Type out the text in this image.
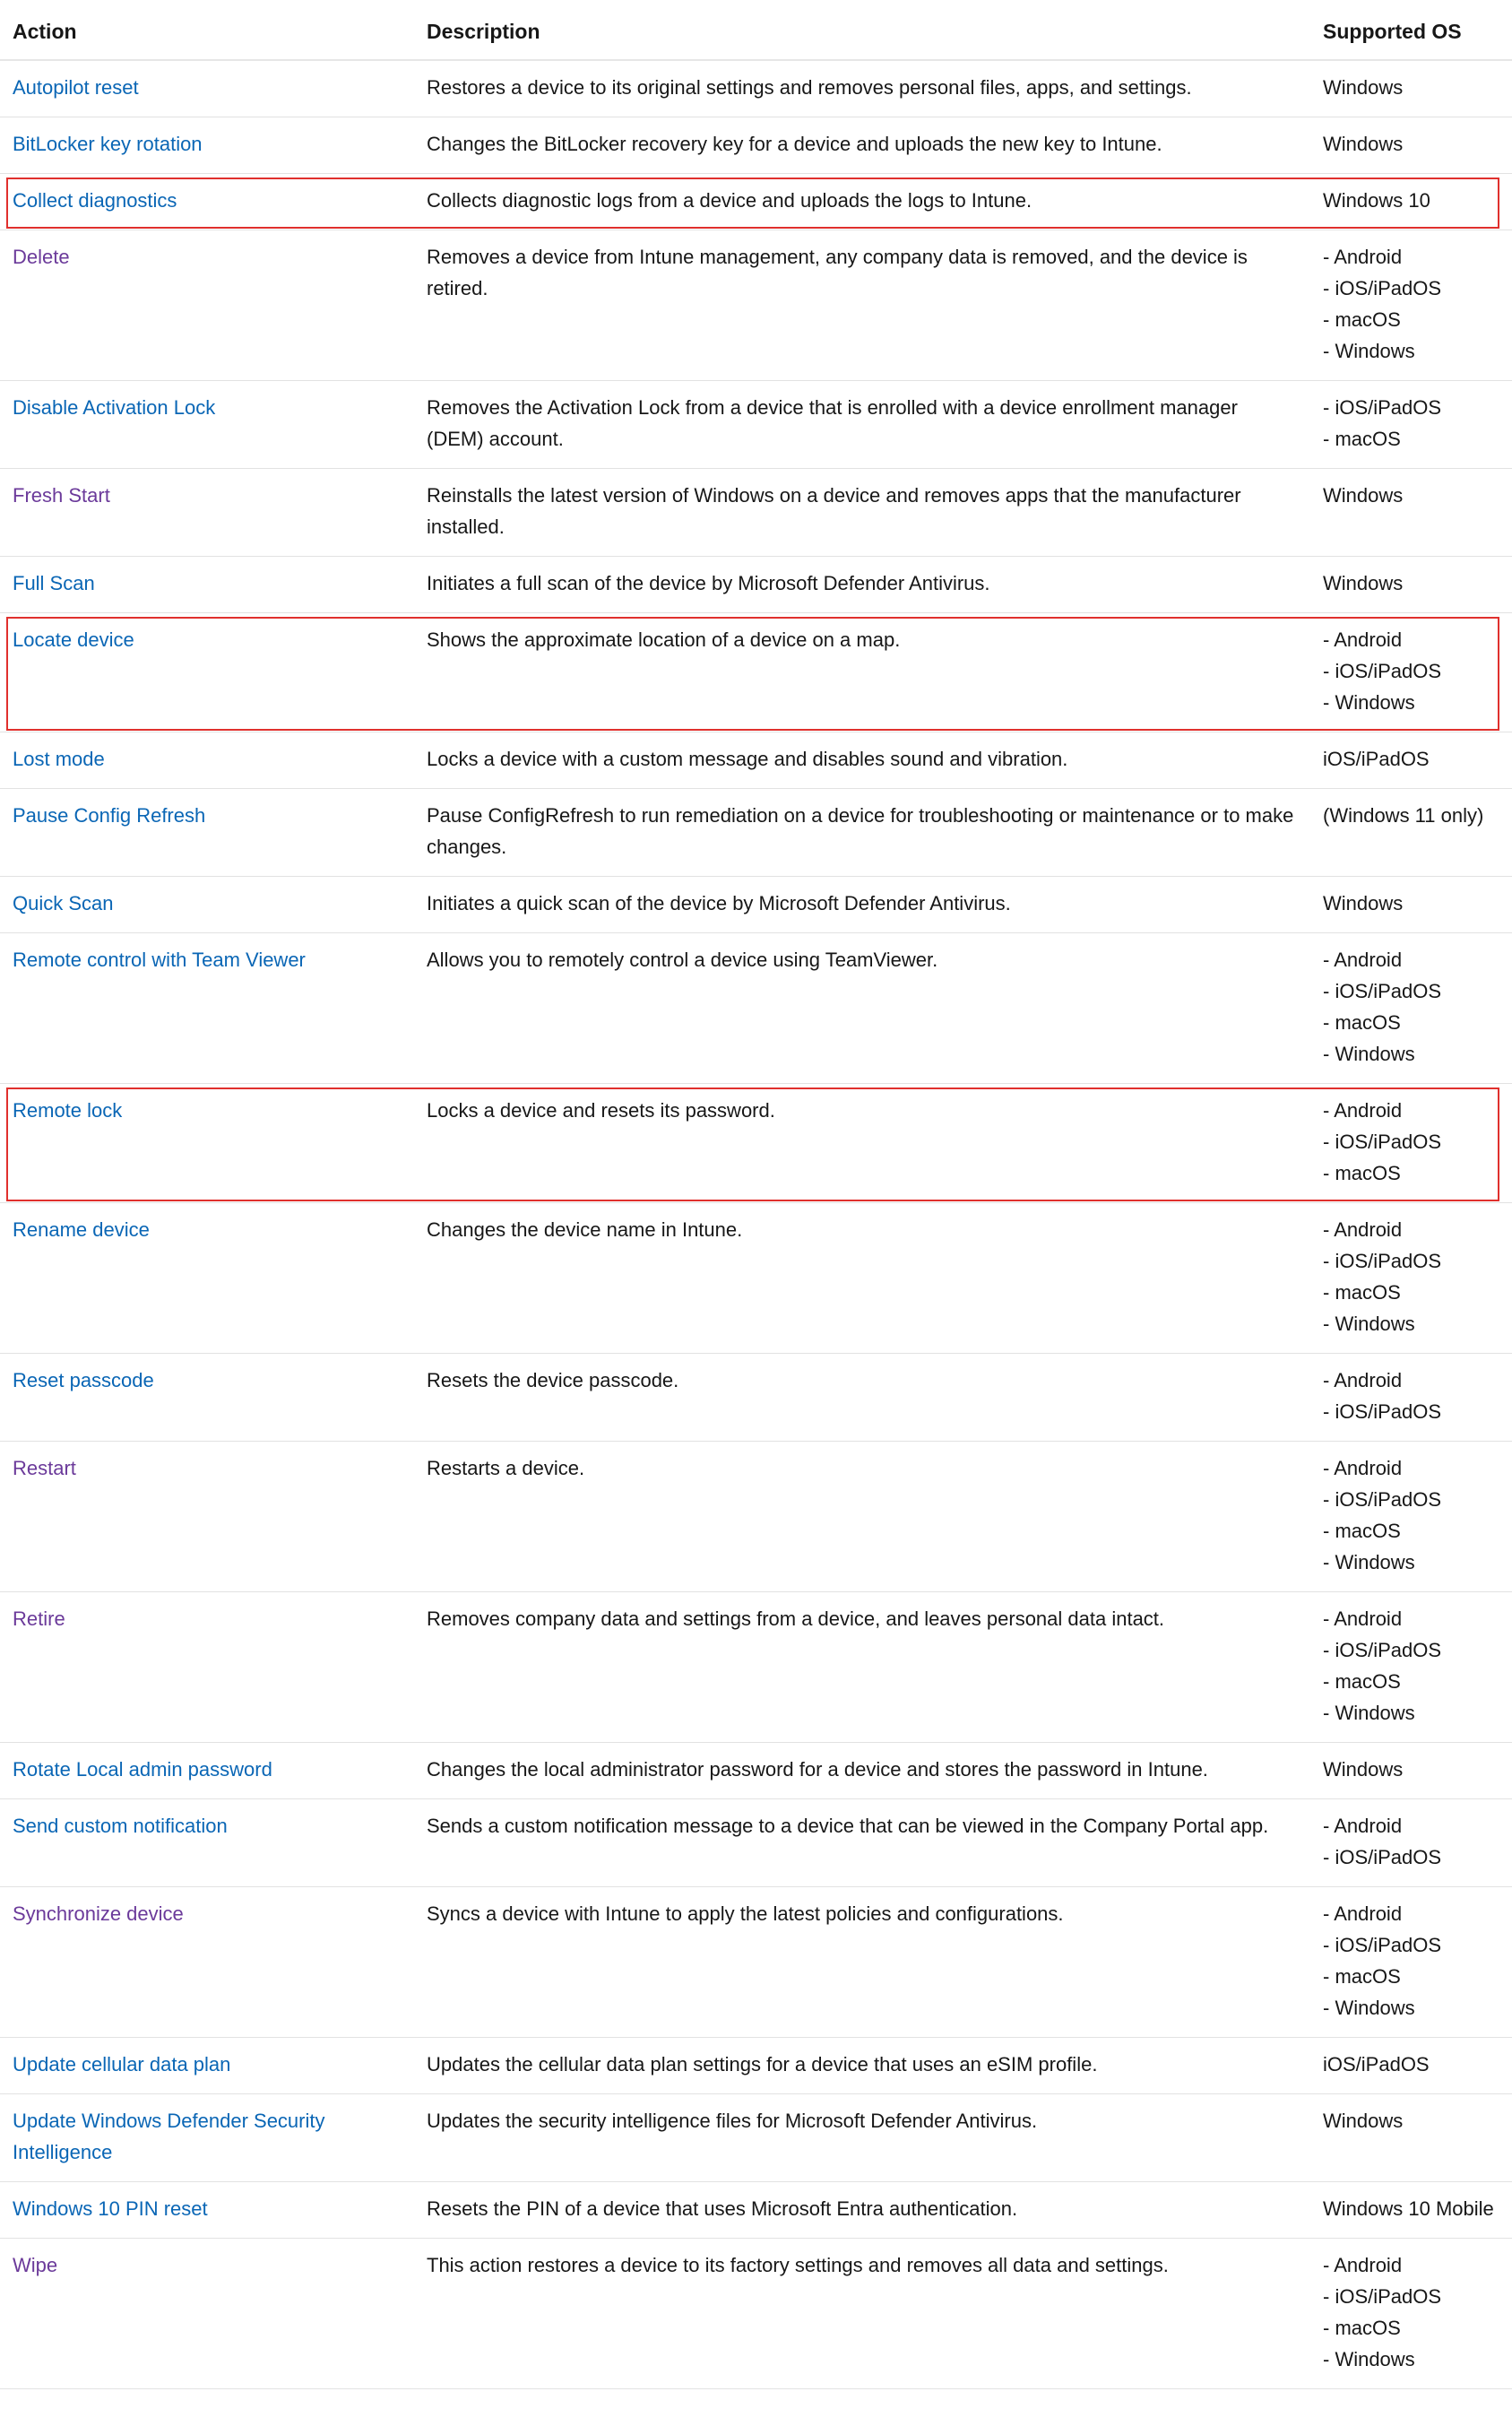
Action	Description	Supported OS
Autopilot reset	Restores a device to its original settings and removes personal files, apps, and settings.	Windows

BitLocker key rotation	Changes the BitLocker recovery key for a device and uploads the new key to Intune.	Windows

Collect diagnostics	Collects diagnostic logs from a device and uploads the logs to Intune.	Windows 10

Delete	Removes a device from Intune management, any company data is removed, and the device is retired.	- Android
- iOS/iPadOS
- macOS
- Windows

Disable Activation Lock	Removes the Activation Lock from a device that is enrolled with a device enrollment manager (DEM) account.	- iOS/iPadOS
- macOS

Fresh Start	Reinstalls the latest version of Windows on a device and removes apps that the manufacturer installed.	Windows

Full Scan	Initiates a full scan of the device by Microsoft Defender Antivirus.	Windows

Locate device	Shows the approximate location of a device on a map.	- Android
- iOS/iPadOS
- Windows

Lost mode	Locks a device with a custom message and disables sound and vibration.	iOS/iPadOS

Pause Config Refresh	Pause ConfigRefresh to run remediation on a device for troubleshooting or maintenance or to make changes.	(Windows 11 only)

Quick Scan	Initiates a quick scan of the device by Microsoft Defender Antivirus.	Windows

Remote control with Team Viewer	Allows you to remotely control a device using TeamViewer.	- Android
- iOS/iPadOS
- macOS
- Windows

Remote lock	Locks a device and resets its password.	- Android
- iOS/iPadOS
- macOS

Rename device	Changes the device name in Intune.	- Android
- iOS/iPadOS
- macOS
- Windows

Reset passcode	Resets the device passcode.	- Android
- iOS/iPadOS

Restart	Restarts a device.	- Android
- iOS/iPadOS
- macOS
- Windows

Retire	Removes company data and settings from a device, and leaves personal data intact.	- Android
- iOS/iPadOS
- macOS
- Windows

Rotate Local admin password	Changes the local administrator password for a device and stores the password in Intune.	Windows

Send custom notification	Sends a custom notification message to a device that can be viewed in the Company Portal app.	- Android
- iOS/iPadOS

Synchronize device	Syncs a device with Intune to apply the latest policies and configurations.	- Android
- iOS/iPadOS
- macOS
- Windows

Update cellular data plan	Updates the cellular data plan settings for a device that uses an eSIM profile.	iOS/iPadOS

Update Windows Defender Security Intelligence	Updates the security intelligence files for Microsoft Defender Antivirus.	Windows

Windows 10 PIN reset	Resets the PIN of a device that uses Microsoft Entra authentication.	Windows 10 Mobile

Wipe	This action restores a device to its factory settings and removes all data and settings.	- Android
- iOS/iPadOS
- macOS
- Windows
